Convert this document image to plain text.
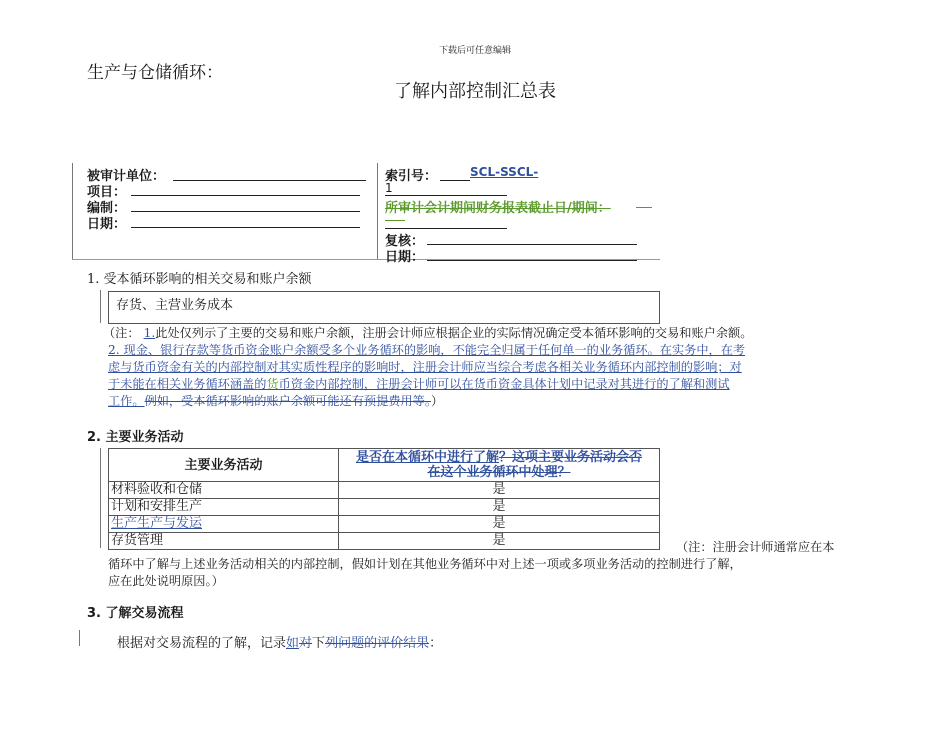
下载后可任意编辑
生产与仓储循环：
了解内部控制汇总表
被审计单位：
项目：
编制：
日期：
索引号：	SCL-SSCL-
1
所审计会计期间财务报表截止日/期间：
复核：
日期：
1. 受本循环影响的相关交易和账户余额
存货、主营业务成本
（注： 1.此处仅列示了主要的交易和账户余额，注册会计师应根据企业的实际情况确定受本循环影响的交易和账户余额。
2. 现金、银行存款等货币资金账户余额受多个业务循环的影响，不能完全归属于任何单一的业务循环。在实务中，在考
虑与货币资金有关的内部控制对其实质性程序的影响时，注册会计师应当综合考虑各相关业务循环内部控制的影响；对
于未能在相关业务循环涵盖的货币资金内部控制，注册会计师可以在货币资金具体计划中记录对其进行的了解和测试
工作。例如，受本循环影响的账户余额可能还有预提费用等。）
2. 主要业务活动
主要业务活动	是否在本循环中进行了解？这项主要业务活动会否
在这个业务循环中处理？
材料验收和仓储	是
计划和安排生产	是
生产生产与发运	是
存货管理	是	（注：注册会计师通常应在本
循环中了解与上述业务活动相关的内部控制，假如计划在其他业务循环中对上述一项或多项业务活动的控制进行了解，
应在此处说明原因。）
3. 了解交易流程
根据对交易流程的了解，记录如对下列问题的评价结果：
